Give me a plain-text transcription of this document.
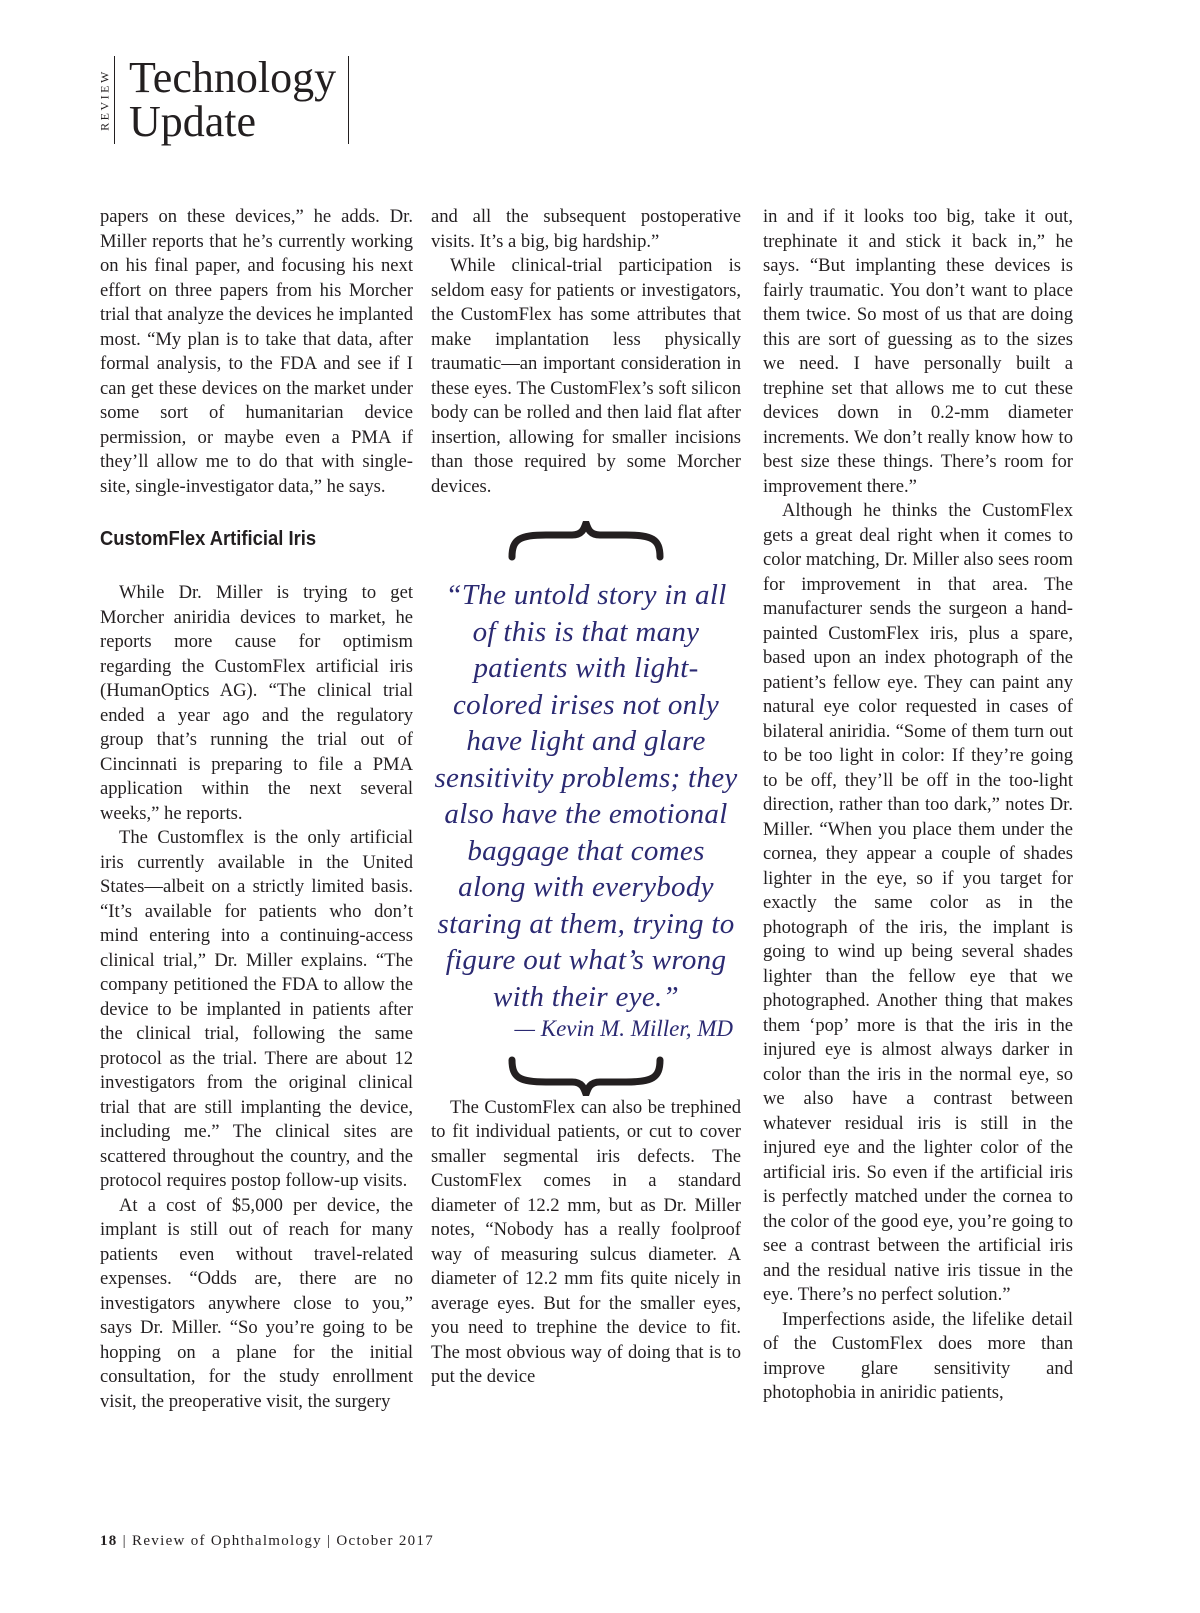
REVIEW Technology
Update

papers on these devices,” he adds. Dr. Miller reports that he’s currently working on his final paper, and focusing his next effort on three papers from his Morcher trial that analyze the devices he implanted most. “My plan is to take that data, after formal analysis, to the FDA and see if I can get these devices on the market under some sort of humanitarian device permission, or maybe even a PMA if they’ll allow me to do that with single-site, single-investigator data,” he says.

CustomFlex Artificial Iris

While Dr. Miller is trying to get Morcher aniridia devices to market, he reports more cause for optimism regarding the CustomFlex artificial iris (HumanOptics AG). “The clinical trial ended a year ago and the regulatory group that’s running the trial out of Cincinnati is preparing to file a PMA application within the next several weeks,” he reports.

The Customflex is the only artificial iris currently available in the United States—albeit on a strictly limited basis. “It’s available for patients who don’t mind entering into a continuing-access clinical trial,” Dr. Miller explains. “The company petitioned the FDA to allow the device to be implanted in patients after the clinical trial, following the same protocol as the trial. There are about 12 investigators from the original clinical trial that are still implanting the device, including me.” The clinical sites are scattered throughout the country, and the protocol requires postop follow-up visits.

At a cost of $5,000 per device, the implant is still out of reach for many patients even without travel-related expenses. “Odds are, there are no investigators anywhere close to you,” says Dr. Miller. “So you’re going to be hopping on a plane for the initial consultation, for the study enrollment visit, the preoperative visit, the surgery

and all the subsequent postoperative visits. It’s a big, big hardship.”

While clinical-trial participation is seldom easy for patients or investigators, the CustomFlex has some attributes that make implantation less physically traumatic—an important consideration in these eyes. The CustomFlex’s soft silicon body can be rolled and then laid flat after insertion, allowing for smaller incisions than those required by some Morcher devices.

“The untold story in all of this is that many patients with light-colored irises not only have light and glare sensitivity problems; they also have the emotional baggage that comes along with everybody staring at them, trying to figure out what’s wrong with their eye.”
— Kevin M. Miller, MD

The CustomFlex can also be trephined to fit individual patients, or cut to cover smaller segmental iris defects. The CustomFlex comes in a standard diameter of 12.2 mm, but as Dr. Miller notes, “Nobody has a really foolproof way of measuring sulcus diameter. A diameter of 12.2 mm fits quite nicely in average eyes. But for the smaller eyes, you need to trephine the device to fit. The most obvious way of doing that is to put the device

in and if it looks too big, take it out, trephinate it and stick it back in,” he says. “But implanting these devices is fairly traumatic. You don’t want to place them twice. So most of us that are doing this are sort of guessing as to the sizes we need. I have personally built a trephine set that allows me to cut these devices down in 0.2-mm diameter increments. We don’t really know how to best size these things. There’s room for improvement there.”

Although he thinks the CustomFlex gets a great deal right when it comes to color matching, Dr. Miller also sees room for improvement in that area. The manufacturer sends the surgeon a hand-painted CustomFlex iris, plus a spare, based upon an index photograph of the patient’s fellow eye. They can paint any natural eye color requested in cases of bilateral aniridia. “Some of them turn out to be too light in color: If they’re going to be off, they’ll be off in the too-light direction, rather than too dark,” notes Dr. Miller. “When you place them under the cornea, they appear a couple of shades lighter in the eye, so if you target for exactly the same color as in the photograph of the iris, the implant is going to wind up being several shades lighter than the fellow eye that we photographed. Another thing that makes them ‘pop’ more is that the iris in the injured eye is almost always darker in color than the iris in the normal eye, so we also have a contrast between whatever residual iris is still in the injured eye and the lighter color of the artificial iris. So even if the artificial iris is perfectly matched under the cornea to the color of the good eye, you’re going to see a contrast between the artificial iris and the residual native iris tissue in the eye. There’s no perfect solution.”

Imperfections aside, the lifelike detail of the CustomFlex does more than improve glare sensitivity and photophobia in aniridic patients,

18 | Review of Ophthalmology | October 2017
